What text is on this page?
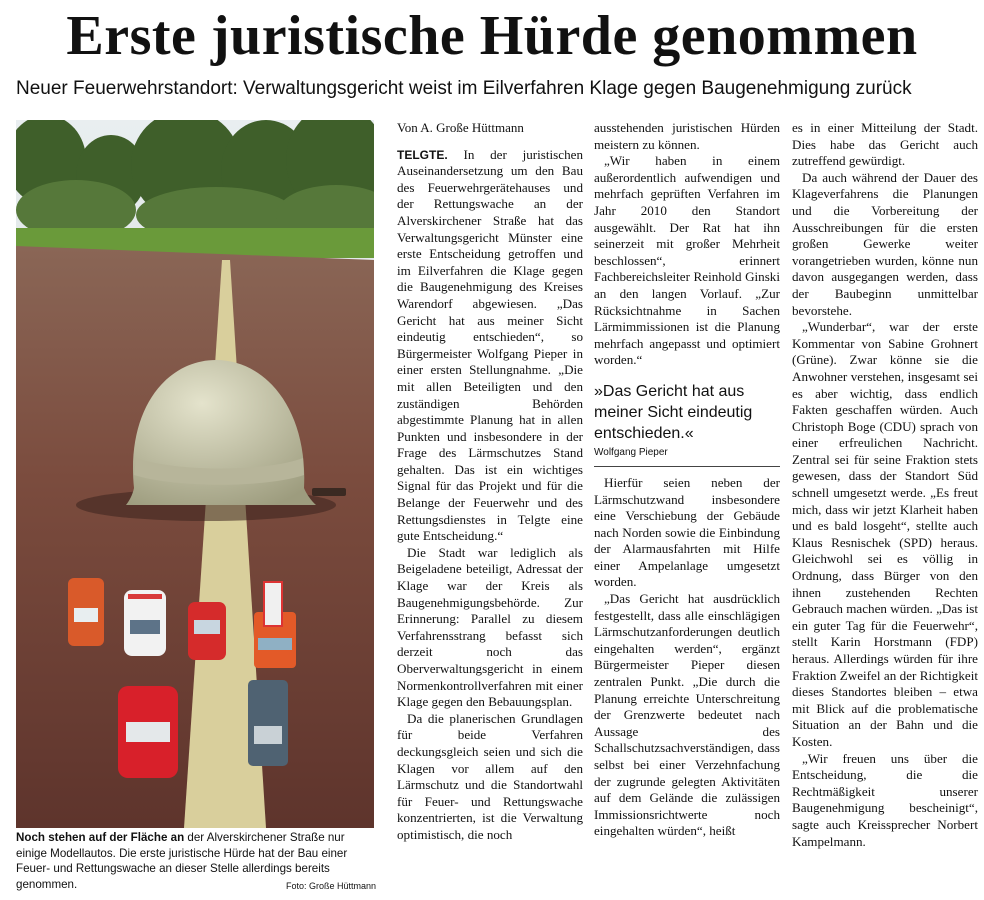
Erste juristische Hürde genommen
Neuer Feuerwehrstandort: Verwaltungsgericht weist im Eilverfahren Klage gegen Baugenehmigung zurück
Noch stehen auf der Fläche an der Alverskirchener Straße nur einige Modellautos. Die erste juristische Hürde hat der Bau einer Feuer- und Rettungswache an dieser Stelle allerdings bereits genommen.	Foto: Große Hüttmann
Von A. Große Hüttmann

TELGTE. In der juristischen Auseinandersetzung um den Bau des Feuerwehrgerätehauses und der Rettungswache an der Alverskirchener Straße hat das Verwaltungsgericht Münster eine erste Entscheidung getroffen und im Eilverfahren die Klage gegen die Baugenehmigung des Kreises Warendorf abgewiesen. „Das Gericht hat aus meiner Sicht eindeutig entschieden“, so Bürgermeister Wolfgang Pieper in einer ersten Stellungnahme. „Die mit allen Beteiligten und den zuständigen Behörden abgestimmte Planung hat in allen Punkten und insbesondere in der Frage des Lärmschutzes Stand gehalten. Das ist ein wichtiges Signal für das Projekt und für die Belange der Feuerwehr und des Rettungsdienstes in Telgte eine gute Entscheidung.“

Die Stadt war lediglich als Beigeladene beteiligt, Adressat der Klage war der Kreis als Baugenehmigungsbehörde. Zur Erinnerung: Parallel zu diesem Verfahrensstrang befasst sich derzeit noch das Oberverwaltungsgericht in einem Normenkontrollverfahren mit einer Klage gegen den Bebauungsplan.

Da die planerischen Grundlagen für beide Verfahren deckungsgleich seien und sich die Klagen vor allem auf den Lärmschutz und die Standortwahl für Feuer- und Rettungswache konzentrierten, ist die Verwaltung optimistisch, die noch

ausstehenden juristischen Hürden meistern zu können.

„Wir haben in einem außerordentlich aufwendigen und mehrfach geprüften Verfahren im Jahr 2010 den Standort ausgewählt. Der Rat hat ihn seinerzeit mit großer Mehrheit beschlossen“, erinnert Fachbereichsleiter Reinhold Ginski an den langen Vorlauf. „Zur Rücksichtnahme in Sachen Lärmimmissionen ist die Planung mehrfach angepasst und optimiert worden.“

»Das Gericht hat aus meiner Sicht eindeutig entschieden.«
Wolfgang Pieper

Hierfür seien neben der Lärmschutzwand insbesondere eine Verschiebung der Gebäude nach Norden sowie die Einbindung der Alarmausfahrten mit Hilfe einer Ampelanlage umgesetzt worden.

„Das Gericht hat ausdrücklich festgestellt, dass alle einschlägigen Lärmschutzanforderungen deutlich eingehalten werden“, ergänzt Bürgermeister Pieper diesen zentralen Punkt. „Die durch die Planung erreichte Unterschreitung der Grenzwerte bedeutet nach Aussage des Schallschutzsachverständigen, dass selbst bei einer Verzehnfachung der zugrunde gelegten Aktivitäten auf dem Gelände die zulässigen Immissionsrichtwerte noch eingehalten würden“, heißt

es in einer Mitteilung der Stadt. Dies habe das Gericht auch zutreffend gewürdigt.

Da auch während der Dauer des Klageverfahrens die Planungen und die Vorbereitung der Ausschreibungen für die ersten großen Gewerke weiter vorangetrieben wurden, könne nun davon ausgegangen werden, dass der Baubeginn unmittelbar bevorstehe.

„Wunderbar“, war der erste Kommentar von Sabine Grohnert (Grüne). Zwar könne sie die Anwohner verstehen, insgesamt sei es aber wichtig, dass endlich Fakten geschaffen würden. Auch Christoph Boge (CDU) sprach von einer erfreulichen Nachricht. Zentral sei für seine Fraktion stets gewesen, dass der Standort Süd schnell umgesetzt werde. „Es freut mich, dass wir jetzt Klarheit haben und es bald losgeht“, stellte auch Klaus Resnischek (SPD) heraus. Gleichwohl sei es völlig in Ordnung, dass Bürger von den ihnen zustehenden Rechten Gebrauch machen würden. „Das ist ein guter Tag für die Feuerwehr“, stellt Karin Horstmann (FDP) heraus. Allerdings würden für ihre Fraktion Zweifel an der Richtigkeit dieses Standortes bleiben – etwa mit Blick auf die problematische Situation an der Bahn und die Kosten.

„Wir freuen uns über die Entscheidung, die die Rechtmäßigkeit unserer Baugenehmigung bescheinigt“, sagte auch Kreissprecher Norbert Kampelmann.
